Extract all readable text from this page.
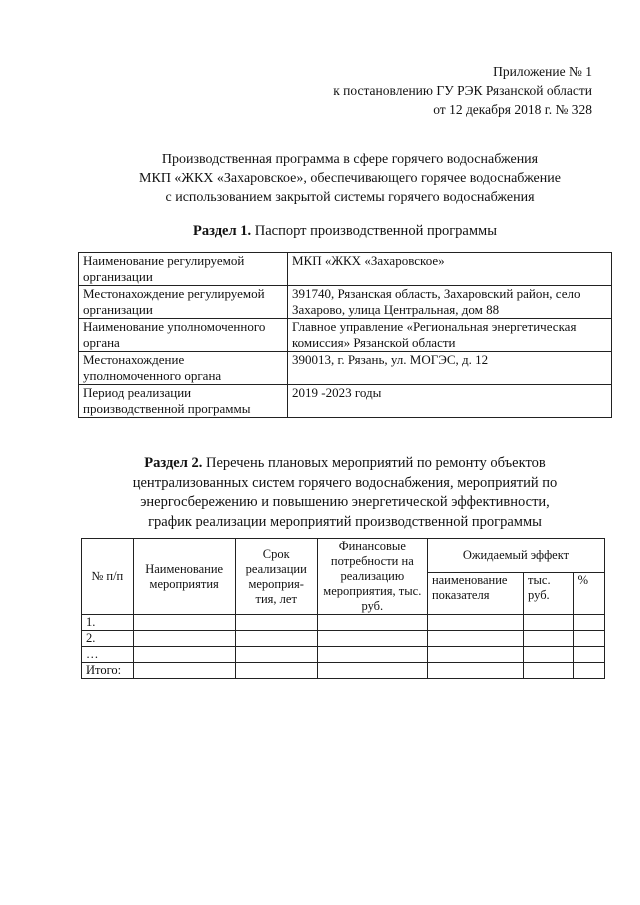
Приложение № 1
к постановлению ГУ РЭК Рязанской области
от 12 декабря 2018 г. № 328
Производственная программа в сфере горячего водоснабжения
МКП «ЖКХ «Захаровское», обеспечивающего горячее водоснабжение
с использованием закрытой системы горячего водоснабжения
Раздел 1. Паспорт производственной программы
Наименование регулируемой организации	МКП «ЖКХ «Захаровское»
Местонахождение регулируемой организации	391740, Рязанская область, Захаровский район, село Захарово, улица Центральная, дом 88
Наименование уполномоченного органа	Главное управление «Региональная энергетическая комиссия» Рязанской области
Местонахождение уполномоченного органа	390013, г. Рязань, ул. МОГЭС, д. 12
Период реализации производственной программы	2019 -2023 годы
Раздел 2. Перечень плановых мероприятий по ремонту объектов
централизованных систем горячего водоснабжения, мероприятий по
энергосбережению и повышению энергетической эффективности,
график реализации мероприятий производственной программы
№ п/п	Наименование мероприятия	Срок реализации мероприя-тия, лет	Финансовые потребности на реализацию мероприятия, тыс. руб.	Ожидаемый эффект		
				наименование показателя	тыс. руб.	%
1.						
2.						
…						
Итого:						
